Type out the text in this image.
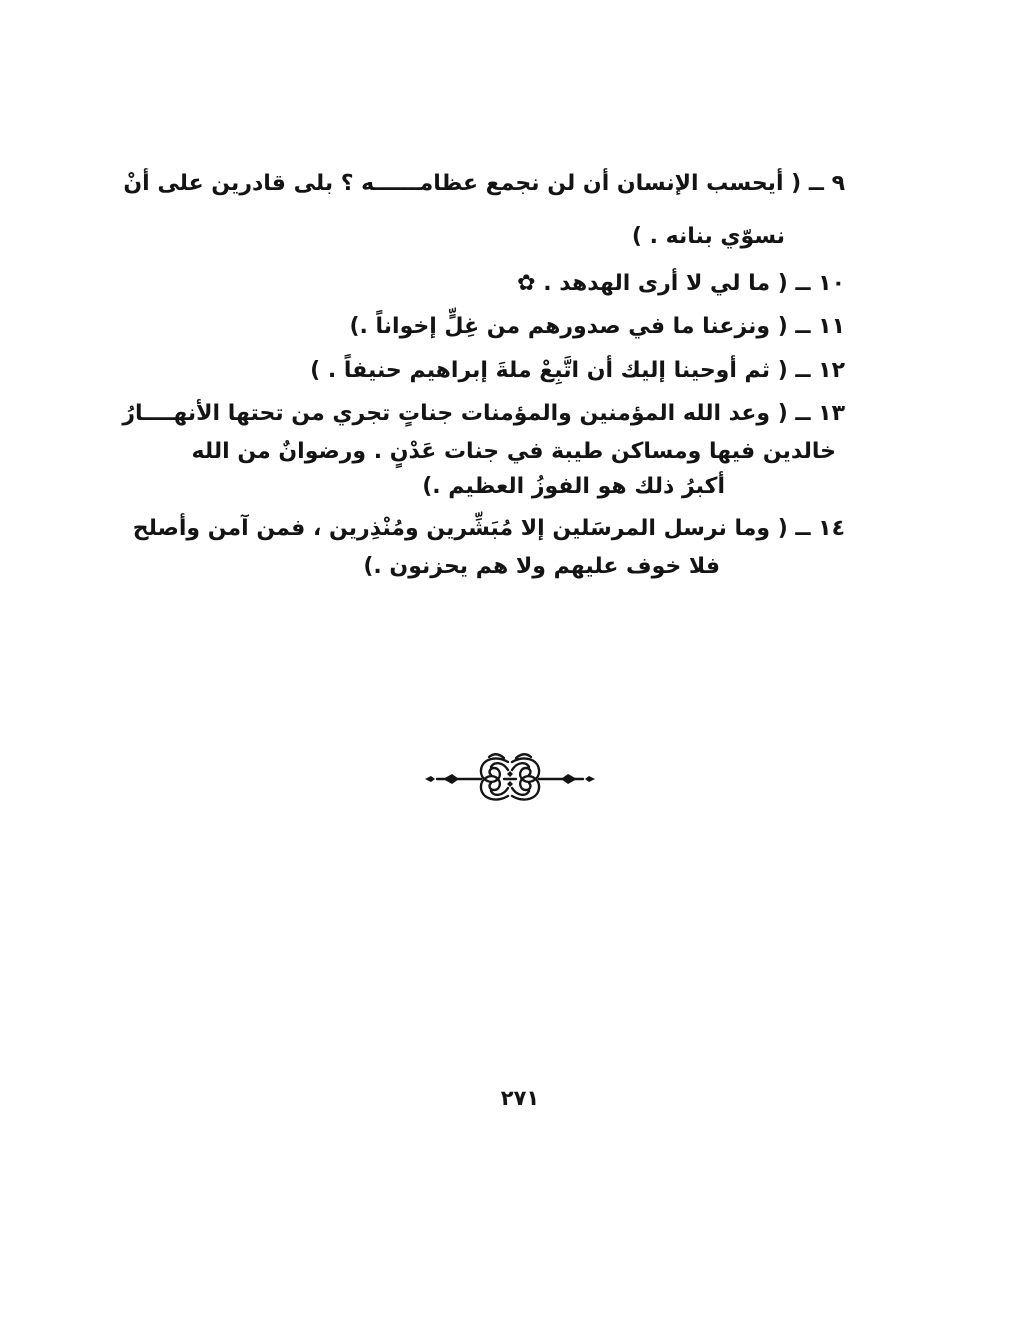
٩ ــ ( أيحسب الإنسان أن لن نجمع عظامــــــه ؟ بلى قادرين على أنْ
نسوّي بنانه . )
١٠ ــ ( ما لي لا أرى الهدهد . ✿
١١ ــ ( ونزعنا ما في صدورهم من غِلٍّ إخواناً .)
١٢ ــ ( ثم أوحينا إليك أن اتَّبِعْ ملةَ إبراهيم حنيفاً . )
١٣ ــ ( وعد الله المؤمنين والمؤمنات جناتٍ تجري من تحتها الأنهــــارُ
خالدين فيها ومساكن طيبة في جنات عَدْنٍ . ورضوانٌ من الله
أكبرُ ذلك هو الفوزُ العظيم .)
١٤ ــ ( وما نرسل المرسَلين إلا مُبَشِّرين ومُنْذِرين ، فمن آمن وأصلح
فلا خوف عليهم ولا هم يحزنون .)
٢٧١
